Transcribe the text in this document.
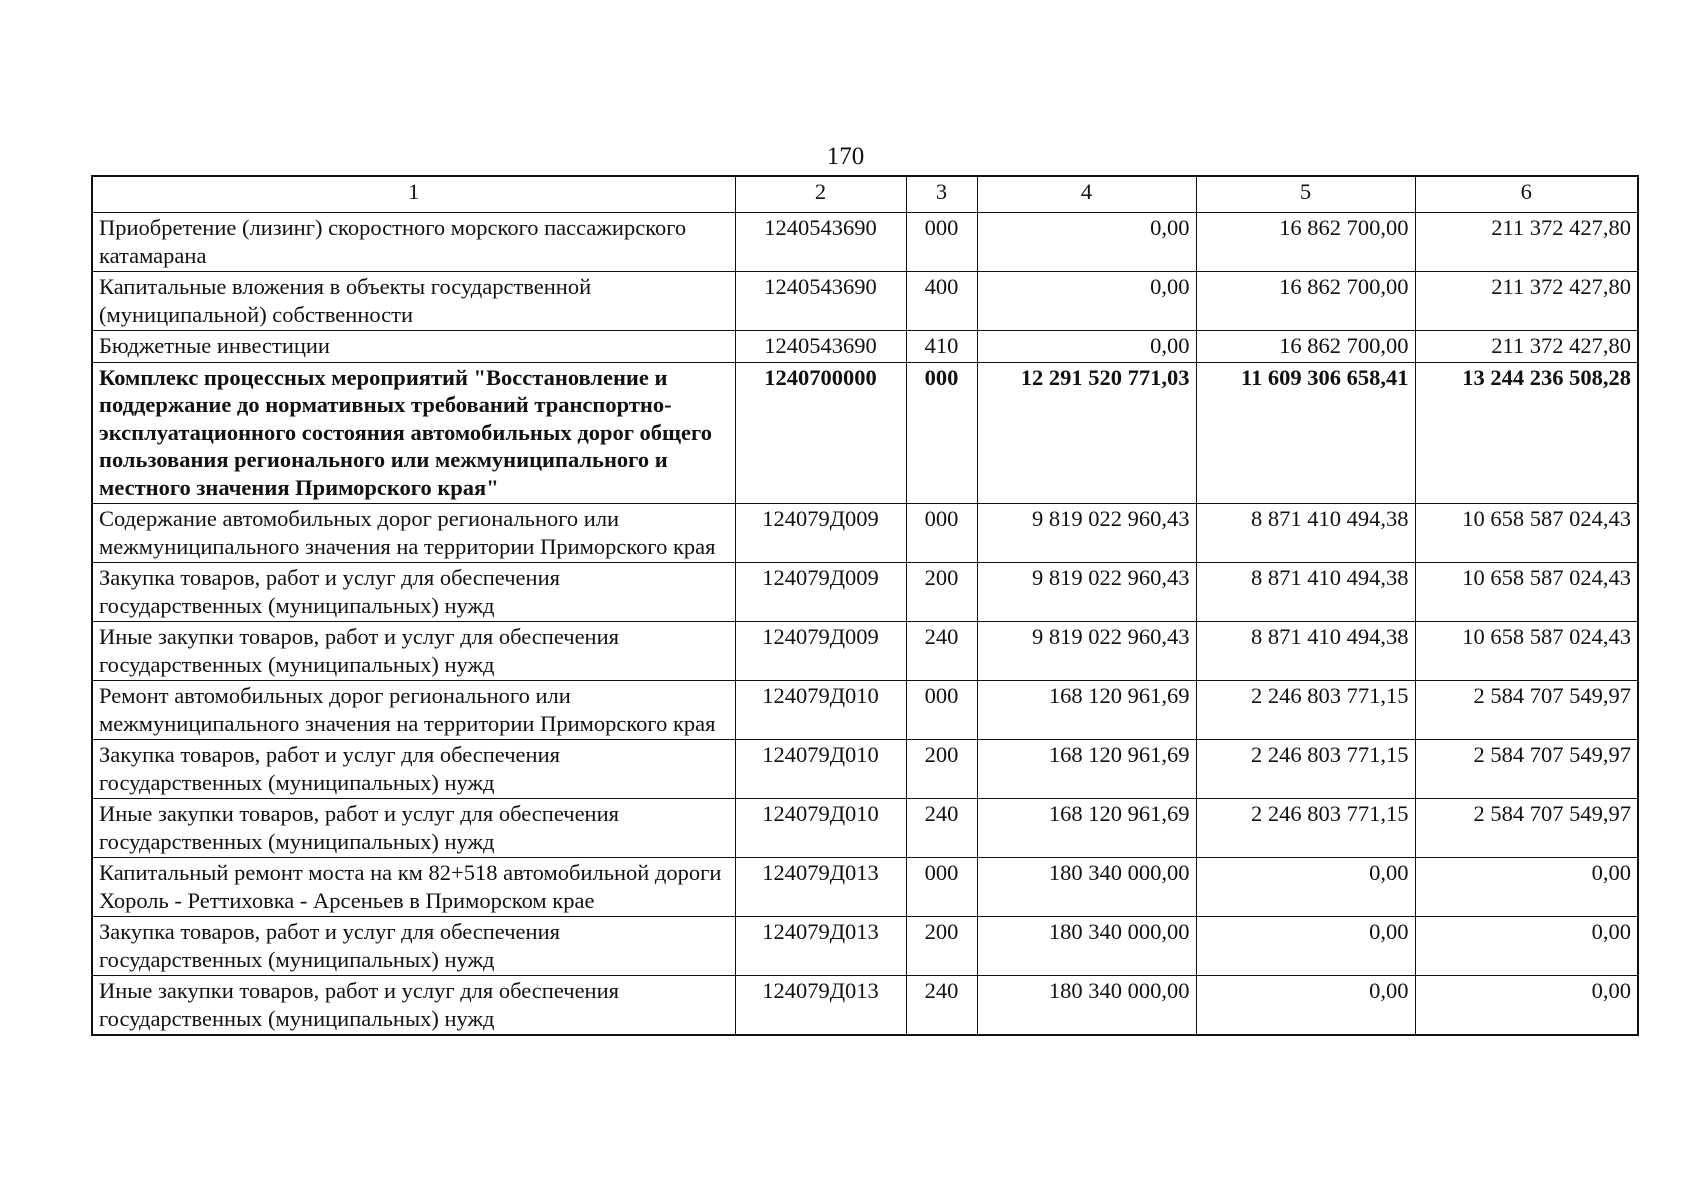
170
1	2	3	4	5	6
Приобретение (лизинг) скоростного морского пассажирского катамарана	1240543690	000	0,00	16 862 700,00	211 372 427,80
Капитальные вложения в объекты государственной (муниципальной) собственности	1240543690	400	0,00	16 862 700,00	211 372 427,80
Бюджетные инвестиции	1240543690	410	0,00	16 862 700,00	211 372 427,80
Комплекс процессных мероприятий "Восстановление и поддержание до нормативных требований транспортно-эксплуатационного состояния автомобильных дорог общего пользования регионального или межмуниципального и местного значения Приморского края"	1240700000	000	12 291 520 771,03	11 609 306 658,41	13 244 236 508,28
Содержание автомобильных дорог регионального или межмуниципального значения на территории Приморского края	124079Д009	000	9 819 022 960,43	8 871 410 494,38	10 658 587 024,43
Закупка товаров, работ и услуг для обеспечения государственных (муниципальных) нужд	124079Д009	200	9 819 022 960,43	8 871 410 494,38	10 658 587 024,43
Иные закупки товаров, работ и услуг для обеспечения государственных (муниципальных) нужд	124079Д009	240	9 819 022 960,43	8 871 410 494,38	10 658 587 024,43
Ремонт автомобильных дорог регионального или межмуниципального значения на территории Приморского края	124079Д010	000	168 120 961,69	2 246 803 771,15	2 584 707 549,97
Закупка товаров, работ и услуг для обеспечения государственных (муниципальных) нужд	124079Д010	200	168 120 961,69	2 246 803 771,15	2 584 707 549,97
Иные закупки товаров, работ и услуг для обеспечения государственных (муниципальных) нужд	124079Д010	240	168 120 961,69	2 246 803 771,15	2 584 707 549,97
Капитальный ремонт моста на км 82+518 автомобильной дороги Хороль - Реттиховка - Арсеньев в Приморском крае	124079Д013	000	180 340 000,00	0,00	0,00
Закупка товаров, работ и услуг для обеспечения государственных (муниципальных) нужд	124079Д013	200	180 340 000,00	0,00	0,00
Иные закупки товаров, работ и услуг для обеспечения государственных (муниципальных) нужд	124079Д013	240	180 340 000,00	0,00	0,00
